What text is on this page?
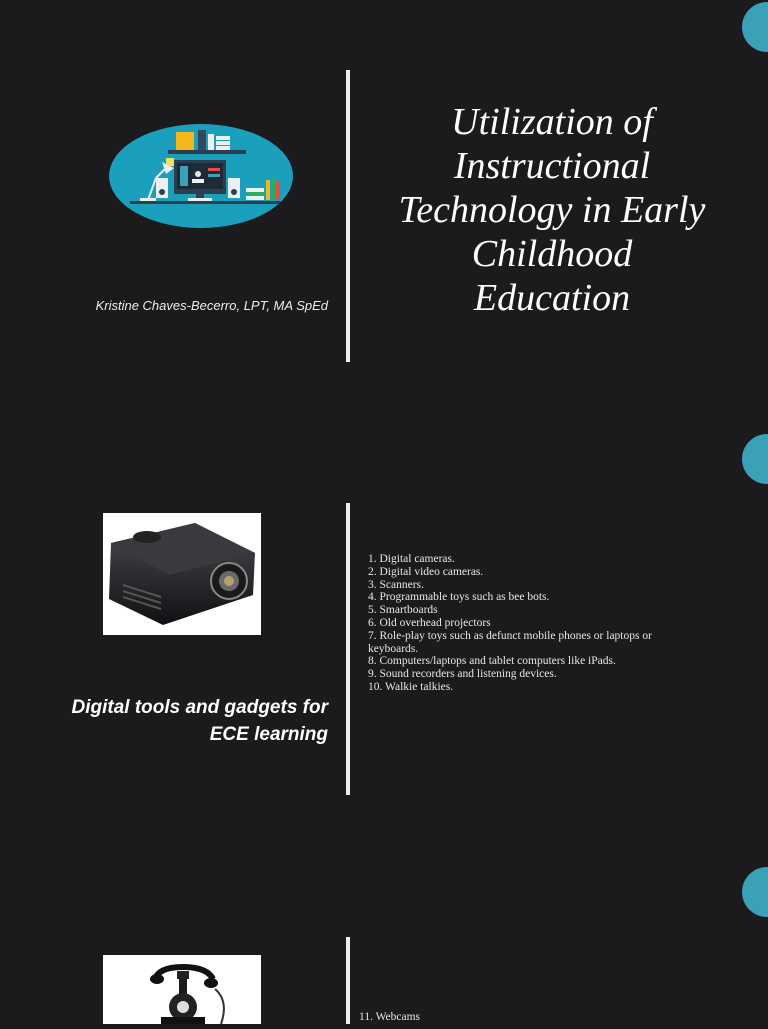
Kristine Chaves-Becerro, LPT, MA SpEd
Utilization of
Instructional
Technology in Early
Childhood
Education
Digital tools and gadgets for
ECE learning
1. Digital cameras.
2. Digital video cameras.
3. Scanners.
4. Programmable toys such as bee bots.
5. Smartboards
6. Old overhead projectors
7. Role-play toys such as defunct mobile phones or laptops or keyboards.
8. Computers/laptops and tablet computers like iPads.
9. Sound recorders and listening devices.
10. Walkie talkies.
11. Webcams
